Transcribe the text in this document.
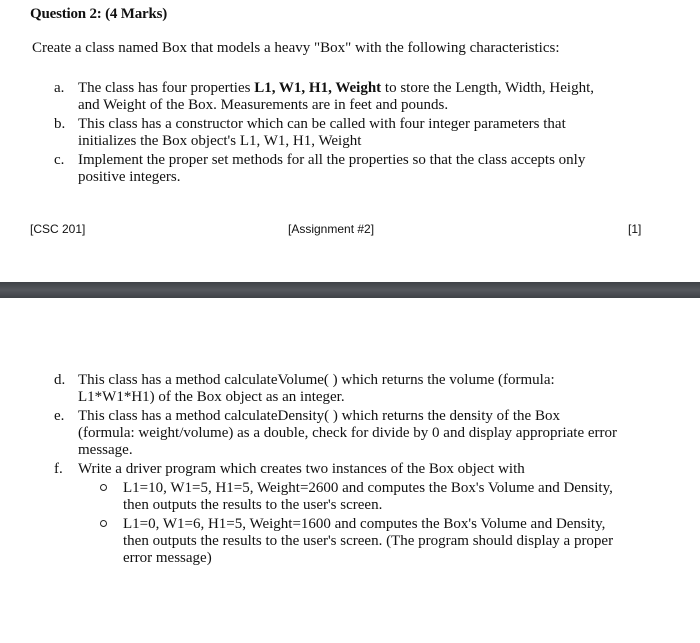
Question 2: (4 Marks)
Create a class named Box that models a heavy "Box" with the following characteristics:
a. The class has four properties L1, W1, H1, Weight to store the Length, Width, Height,
and Weight of the Box. Measurements are in feet and pounds.
b. This class has a constructor which can be called with four integer parameters that
initializes the Box object's L1, W1, H1, Weight
c. Implement the proper set methods for all the properties so that the class accepts only
positive integers.
[CSC 201]	[Assignment #2]	[1]
d. This class has a method calculateVolume( ) which returns the volume (formula:
L1*W1*H1) of the Box object as an integer.
e. This class has a method calculateDensity( ) which returns the density of the Box
(formula: weight/volume) as a double, check for divide by 0 and display appropriate error
message.
f. Write a driver program which creates two instances of the Box object with
L1=10, W1=5, H1=5, Weight=2600 and computes the Box's Volume and Density,
then outputs the results to the user's screen.
L1=0, W1=6, H1=5, Weight=1600 and computes the Box's Volume and Density,
then outputs the results to the user's screen. (The program should display a proper
error message)
